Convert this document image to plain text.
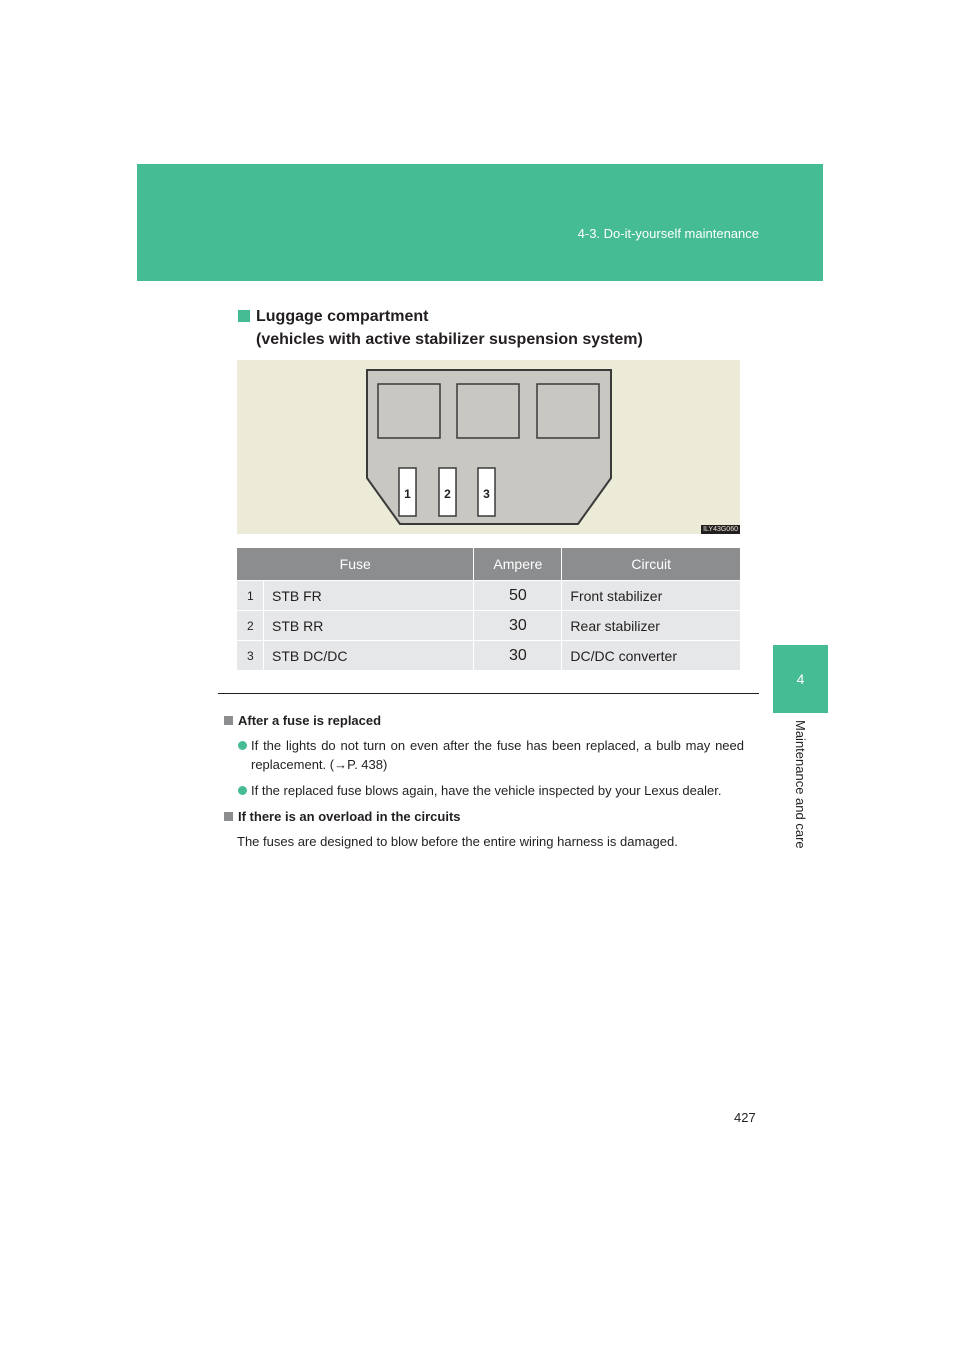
4-3. Do-it-yourself maintenance
4
Maintenance and care
Luggage compartment
(vehicles with active stabilizer suspension system)
1	2	3
ILY43G060
Fuse		Ampere	Circuit
1	STB FR	50	Front stabilizer
2	STB RR	30	Rear stabilizer
3	STB DC/DC	30	DC/DC converter
After a fuse is replaced
If the lights do not turn on even after the fuse has been replaced, a bulb may need replacement. (→P. 438)
If the replaced fuse blows again, have the vehicle inspected by your Lexus dealer.
If there is an overload in the circuits
The fuses are designed to blow before the entire wiring harness is damaged.
427
